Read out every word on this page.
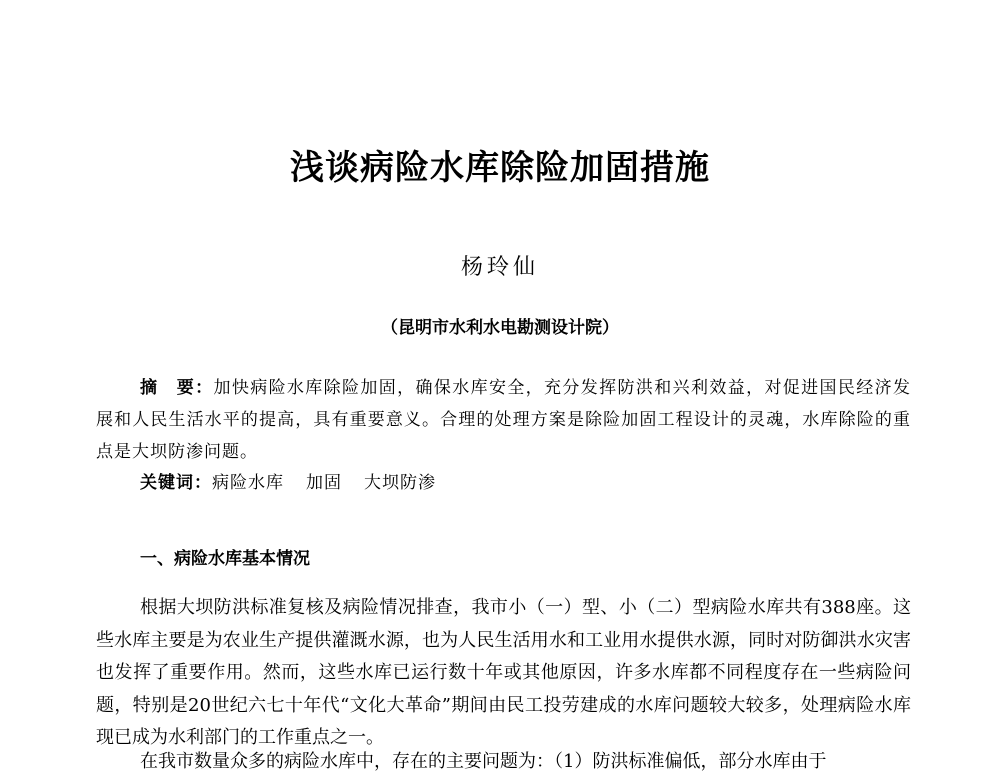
浅谈病险水库除险加固措施
杨玲仙
（昆明市水利水电勘测设计院）
摘　要：加快病险水库除险加固，确保水库安全，充分发挥防洪和兴利效益，对促进国民经济发展和人民生活水平的提高，具有重要意义。合理的处理方案是除险加固工程设计的灵魂，水库除险的重点是大坝防渗问题。
关键词：病险水库 加固 大坝防渗
一、病险水库基本情况
根据大坝防洪标准复核及病险情况排查，我市小（一）型、小（二）型病险水库共有388座。这些水库主要是为农业生产提供灌溉水源，也为人民生活用水和工业用水提供水源，同时对防御洪水灾害也发挥了重要作用。然而，这些水库已运行数十年或其他原因，许多水库都不同程度存在一些病险问题，特别是20世纪六七十年代“文化大革命”期间由民工投劳建成的水库问题较大较多，处理病险水库现已成为水利部门的工作重点之一。
在我市数量众多的病险水库中，存在的主要问题为：（1）防洪标准偏低，部分水库由于
